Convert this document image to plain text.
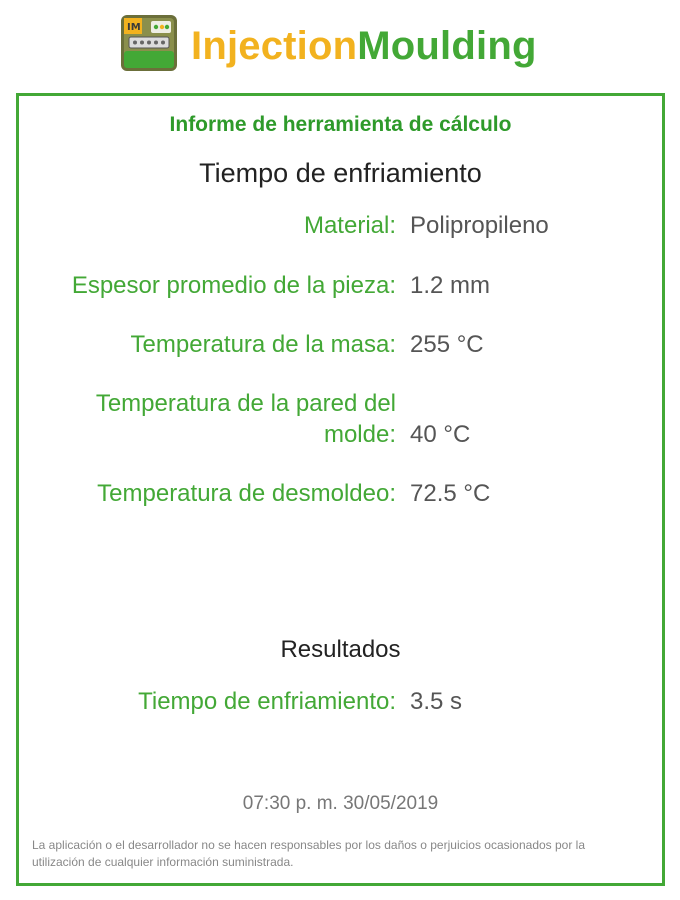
IM InjectionMoulding
Informe de herramienta de cálculo
Tiempo de enfriamiento
Material: Polipropileno
Espesor promedio de la pieza: 1.2 mm
Temperatura de la masa: 255 °C
Temperatura de la pared del molde: 40 °C
Temperatura de desmoldeo: 72.5 °C
Resultados
Tiempo de enfriamiento: 3.5 s
07:30 p. m. 30/05/2019
La aplicación o el desarrollador no se hacen responsables por los daños o perjuicios ocasionados por la utilización de cualquier información suministrada.
